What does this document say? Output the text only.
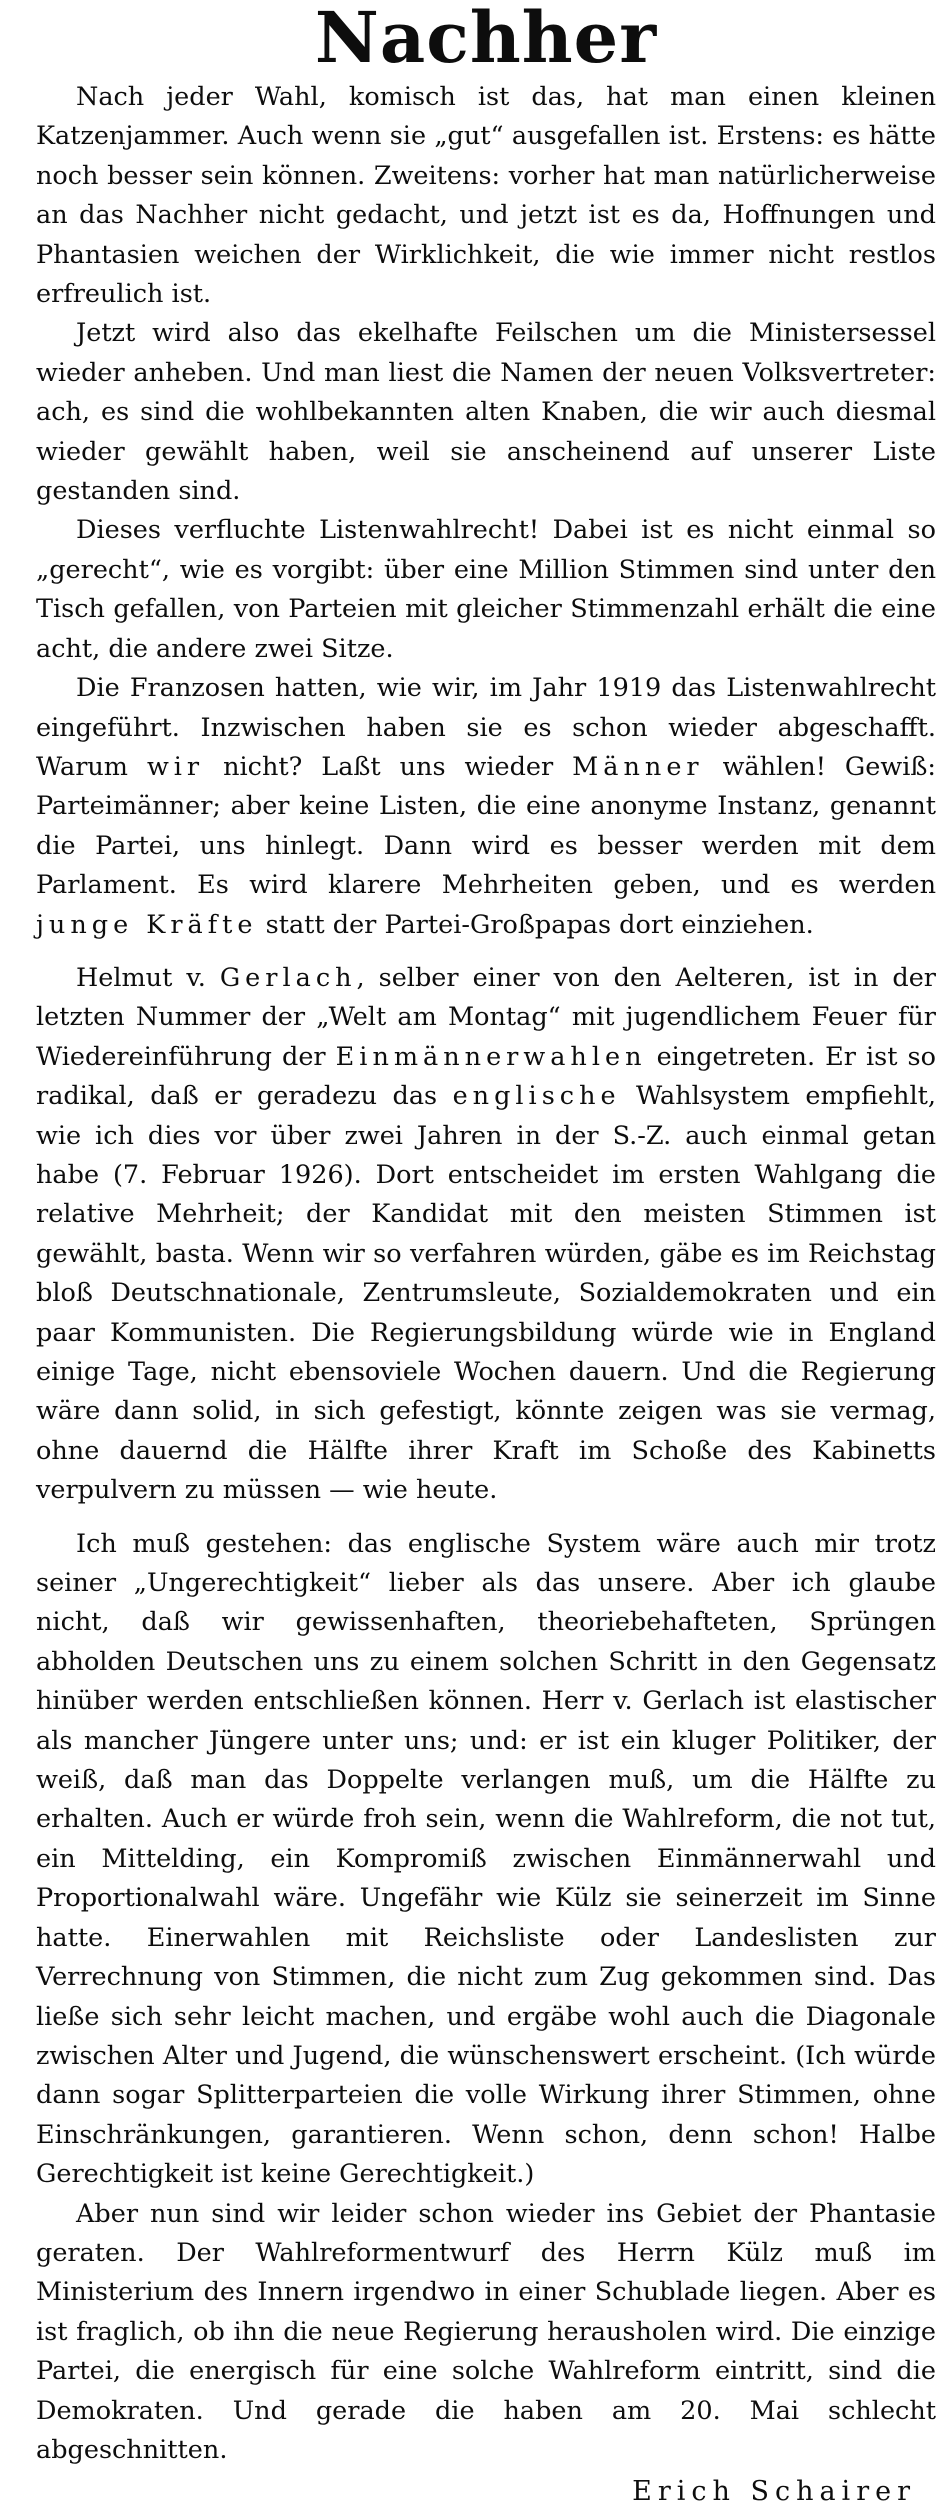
Nachher

Nach jeder Wahl, komisch ist das, hat man einen kleinen Katzenjammer. Auch wenn sie „gut“ ausgefallen ist. Erstens: es hätte noch besser sein können. Zweitens: vorher hat man natürlicherweise an das Nachher nicht gedacht, und jetzt ist es da, Hoffnungen und Phantasien weichen der Wirklichkeit, die wie immer nicht restlos erfreulich ist.

Jetzt wird also das ekelhafte Feilschen um die Ministersessel wieder anheben. Und man liest die Namen der neuen Volksvertreter: ach, es sind die wohlbekannten alten Knaben, die wir auch diesmal wieder gewählt haben, weil sie anscheinend auf unserer Liste gestanden sind.

Dieses verfluchte Listenwahlrecht! Dabei ist es nicht einmal so „gerecht“, wie es vorgibt: über eine Million Stimmen sind unter den Tisch gefallen, von Parteien mit gleicher Stimmenzahl erhält die eine acht, die andere zwei Sitze.

Die Franzosen hatten, wie wir, im Jahr 1919 das Listenwahlrecht eingeführt. Inzwischen haben sie es schon wieder abgeschafft. Warum wir nicht? Laßt uns wieder Männer wählen! Gewiß: Parteimänner; aber keine Listen, die eine anonyme Instanz, genannt die Partei, uns hinlegt. Dann wird es besser werden mit dem Parlament. Es wird klarere Mehrheiten geben, und es werden junge Kräfte statt der Partei-Großpapas dort einziehen.

Helmut v. Gerlach, selber einer von den Aelteren, ist in der letzten Nummer der „Welt am Montag“ mit jugendlichem Feuer für Wiedereinführung der Einmännerwahlen eingetreten. Er ist so radikal, daß er geradezu das englische Wahlsystem empfiehlt, wie ich dies vor über zwei Jahren in der S.-Z. auch einmal getan habe (7. Februar 1926). Dort entscheidet im ersten Wahlgang die relative Mehrheit; der Kandidat mit den meisten Stimmen ist gewählt, basta. Wenn wir so verfahren würden, gäbe es im Reichstag bloß Deutschnationale, Zentrumsleute, Sozialdemokraten und ein paar Kommunisten. Die Regierungsbildung würde wie in England einige Tage, nicht ebensoviele Wochen dauern. Und die Regierung wäre dann solid, in sich gefestigt, könnte zeigen was sie vermag, ohne dauernd die Hälfte ihrer Kraft im Schoße des Kabinetts verpulvern zu müssen — wie heute.

Ich muß gestehen: das englische System wäre auch mir trotz seiner „Ungerechtigkeit“ lieber als das unsere. Aber ich glaube nicht, daß wir gewissenhaften, theoriebehafteten, Sprüngen abholden Deutschen uns zu einem solchen Schritt in den Gegensatz hinüber werden entschließen können. Herr v. Gerlach ist elastischer als mancher Jüngere unter uns; und: er ist ein kluger Politiker, der weiß, daß man das Doppelte verlangen muß, um die Hälfte zu erhalten. Auch er würde froh sein, wenn die Wahlreform, die not tut, ein Mittelding, ein Kompromiß zwischen Einmännerwahl und Proportionalwahl wäre. Ungefähr wie Külz sie seinerzeit im Sinne hatte. Einerwahlen mit Reichsliste oder Landeslisten zur Verrechnung von Stimmen, die nicht zum Zug gekommen sind. Das ließe sich sehr leicht machen, und ergäbe wohl auch die Diagonale zwischen Alter und Jugend, die wünschenswert erscheint. (Ich würde dann sogar Splitterparteien die volle Wirkung ihrer Stimmen, ohne Einschränkungen, garantieren. Wenn schon, denn schon! Halbe Gerechtigkeit ist keine Gerechtigkeit.)

Aber nun sind wir leider schon wieder ins Gebiet der Phantasie geraten. Der Wahlreformentwurf des Herrn Külz muß im Ministerium des Innern irgendwo in einer Schublade liegen. Aber es ist fraglich, ob ihn die neue Regierung herausholen wird. Die einzige Partei, die energisch für eine solche Wahlreform eintritt, sind die Demokraten. Und gerade die haben am 20. Mai schlecht abgeschnitten.

Erich Schairer
